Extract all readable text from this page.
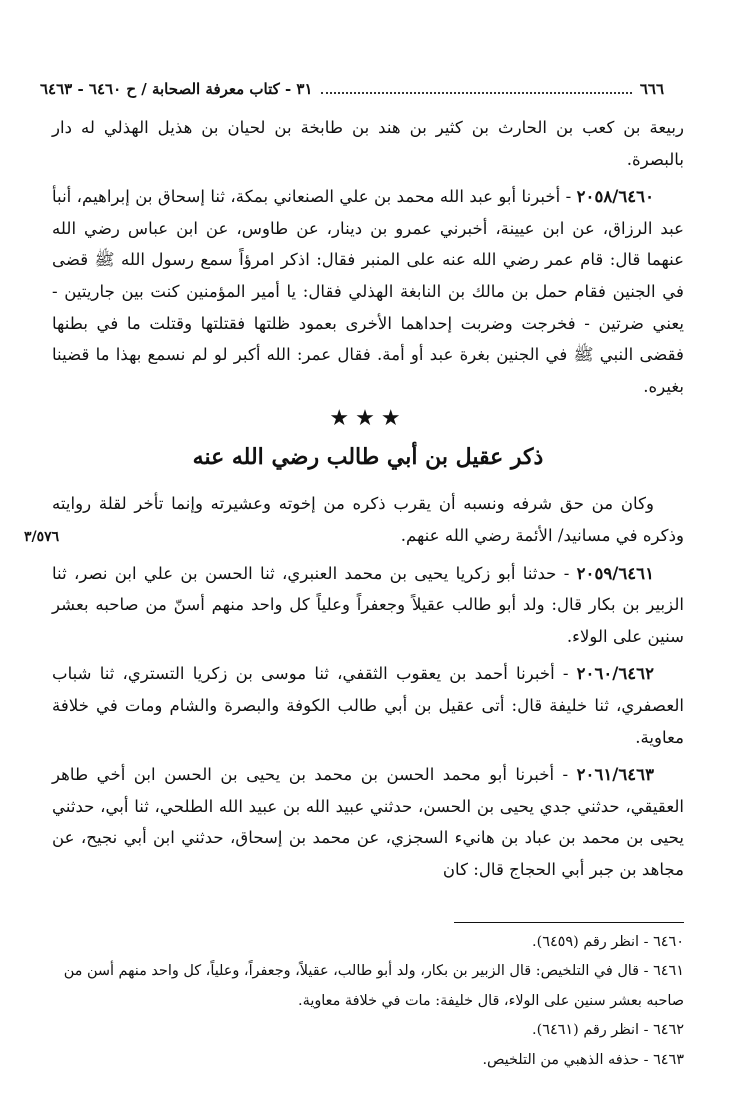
٦٦٦
٣١ - كتاب معرفة الصحابة / ح ٦٤٦٠ - ٦٤٦٣

ربيعة بن كعب بن الحارث بن كثير بن هند بن طابخة بن لحيان بن هذيل الهذلي له دار بالبصرة.

٢٠٥٨/٦٤٦٠ - أخبرنا أبو عبد الله محمد بن علي الصنعاني بمكة، ثنا إسحاق بن إبراهيم، أنبأ عبد الرزاق، عن ابن عيينة، أخبرني عمرو بن دينار، عن طاوس، عن ابن عباس رضي الله عنهما قال: قام عمر رضي الله عنه على المنبر فقال: اذكر امرؤاً سمع رسول الله ﷺ قضى في الجنين فقام حمل بن مالك بن النابغة الهذلي فقال: يا أمير المؤمنين كنت بين جاريتين - يعني ضرتين - فخرجت وضربت إحداهما الأخرى بعمود ظلتها فقتلتها وقتلت ما في بطنها فقضى النبي ﷺ في الجنين بغرة عبد أو أمة. فقال عمر: الله أكبر لو لم نسمع بهذا ما قضينا بغيره.

★★★
ذكر عقيل بن أبي طالب رضي الله عنه

وكان من حق شرفه ونسبه أن يقرب ذكره من إخوته وعشيرته وإنما تأخر لقلة روايته وذكره في مسانيد/ الأئمة رضي الله عنهم.
٣/٥٧٦

٢٠٥٩/٦٤٦١ - حدثنا أبو زكريا يحيى بن محمد العنبري، ثنا الحسن بن علي ابن نصر، ثنا الزبير بن بكار قال: ولد أبو طالب عقيلاً وجعفراً وعلياً كل واحد منهم أسنّ من صاحبه بعشر سنين على الولاء.

٢٠٦٠/٦٤٦٢ - أخبرنا أحمد بن يعقوب الثقفي، ثنا موسى بن زكريا التستري، ثنا شباب العصفري، ثنا خليفة قال: أتى عقيل بن أبي طالب الكوفة والبصرة والشام ومات في خلافة معاوية.

٢٠٦١/٦٤٦٣ - أخبرنا أبو محمد الحسن بن محمد بن يحيى بن الحسن ابن أخي طاهر العقيقي، حدثني جدي يحيى بن الحسن، حدثني عبيد الله بن عبيد الله الطلحي، ثنا أبي، حدثني يحيى بن محمد بن عباد بن هانيء السجزي، عن محمد بن إسحاق، حدثني ابن أبي نجيح، عن مجاهد بن جبر أبي الحجاج قال: كان

٦٤٦٠ - انظر رقم (٦٤٥٩).

٦٤٦١ - قال في التلخيص: قال الزبير بن بكار، ولد أبو طالب، عقيلاً، وجعفراً، وعلياً، كل واحد منهم أسن من صاحبه بعشر سنين على الولاء، قال خليفة: مات في خلافة معاوية.

٦٤٦٢ - انظر رقم (٦٤٦١).

٦٤٦٣ - حذفه الذهبي من التلخيص.
